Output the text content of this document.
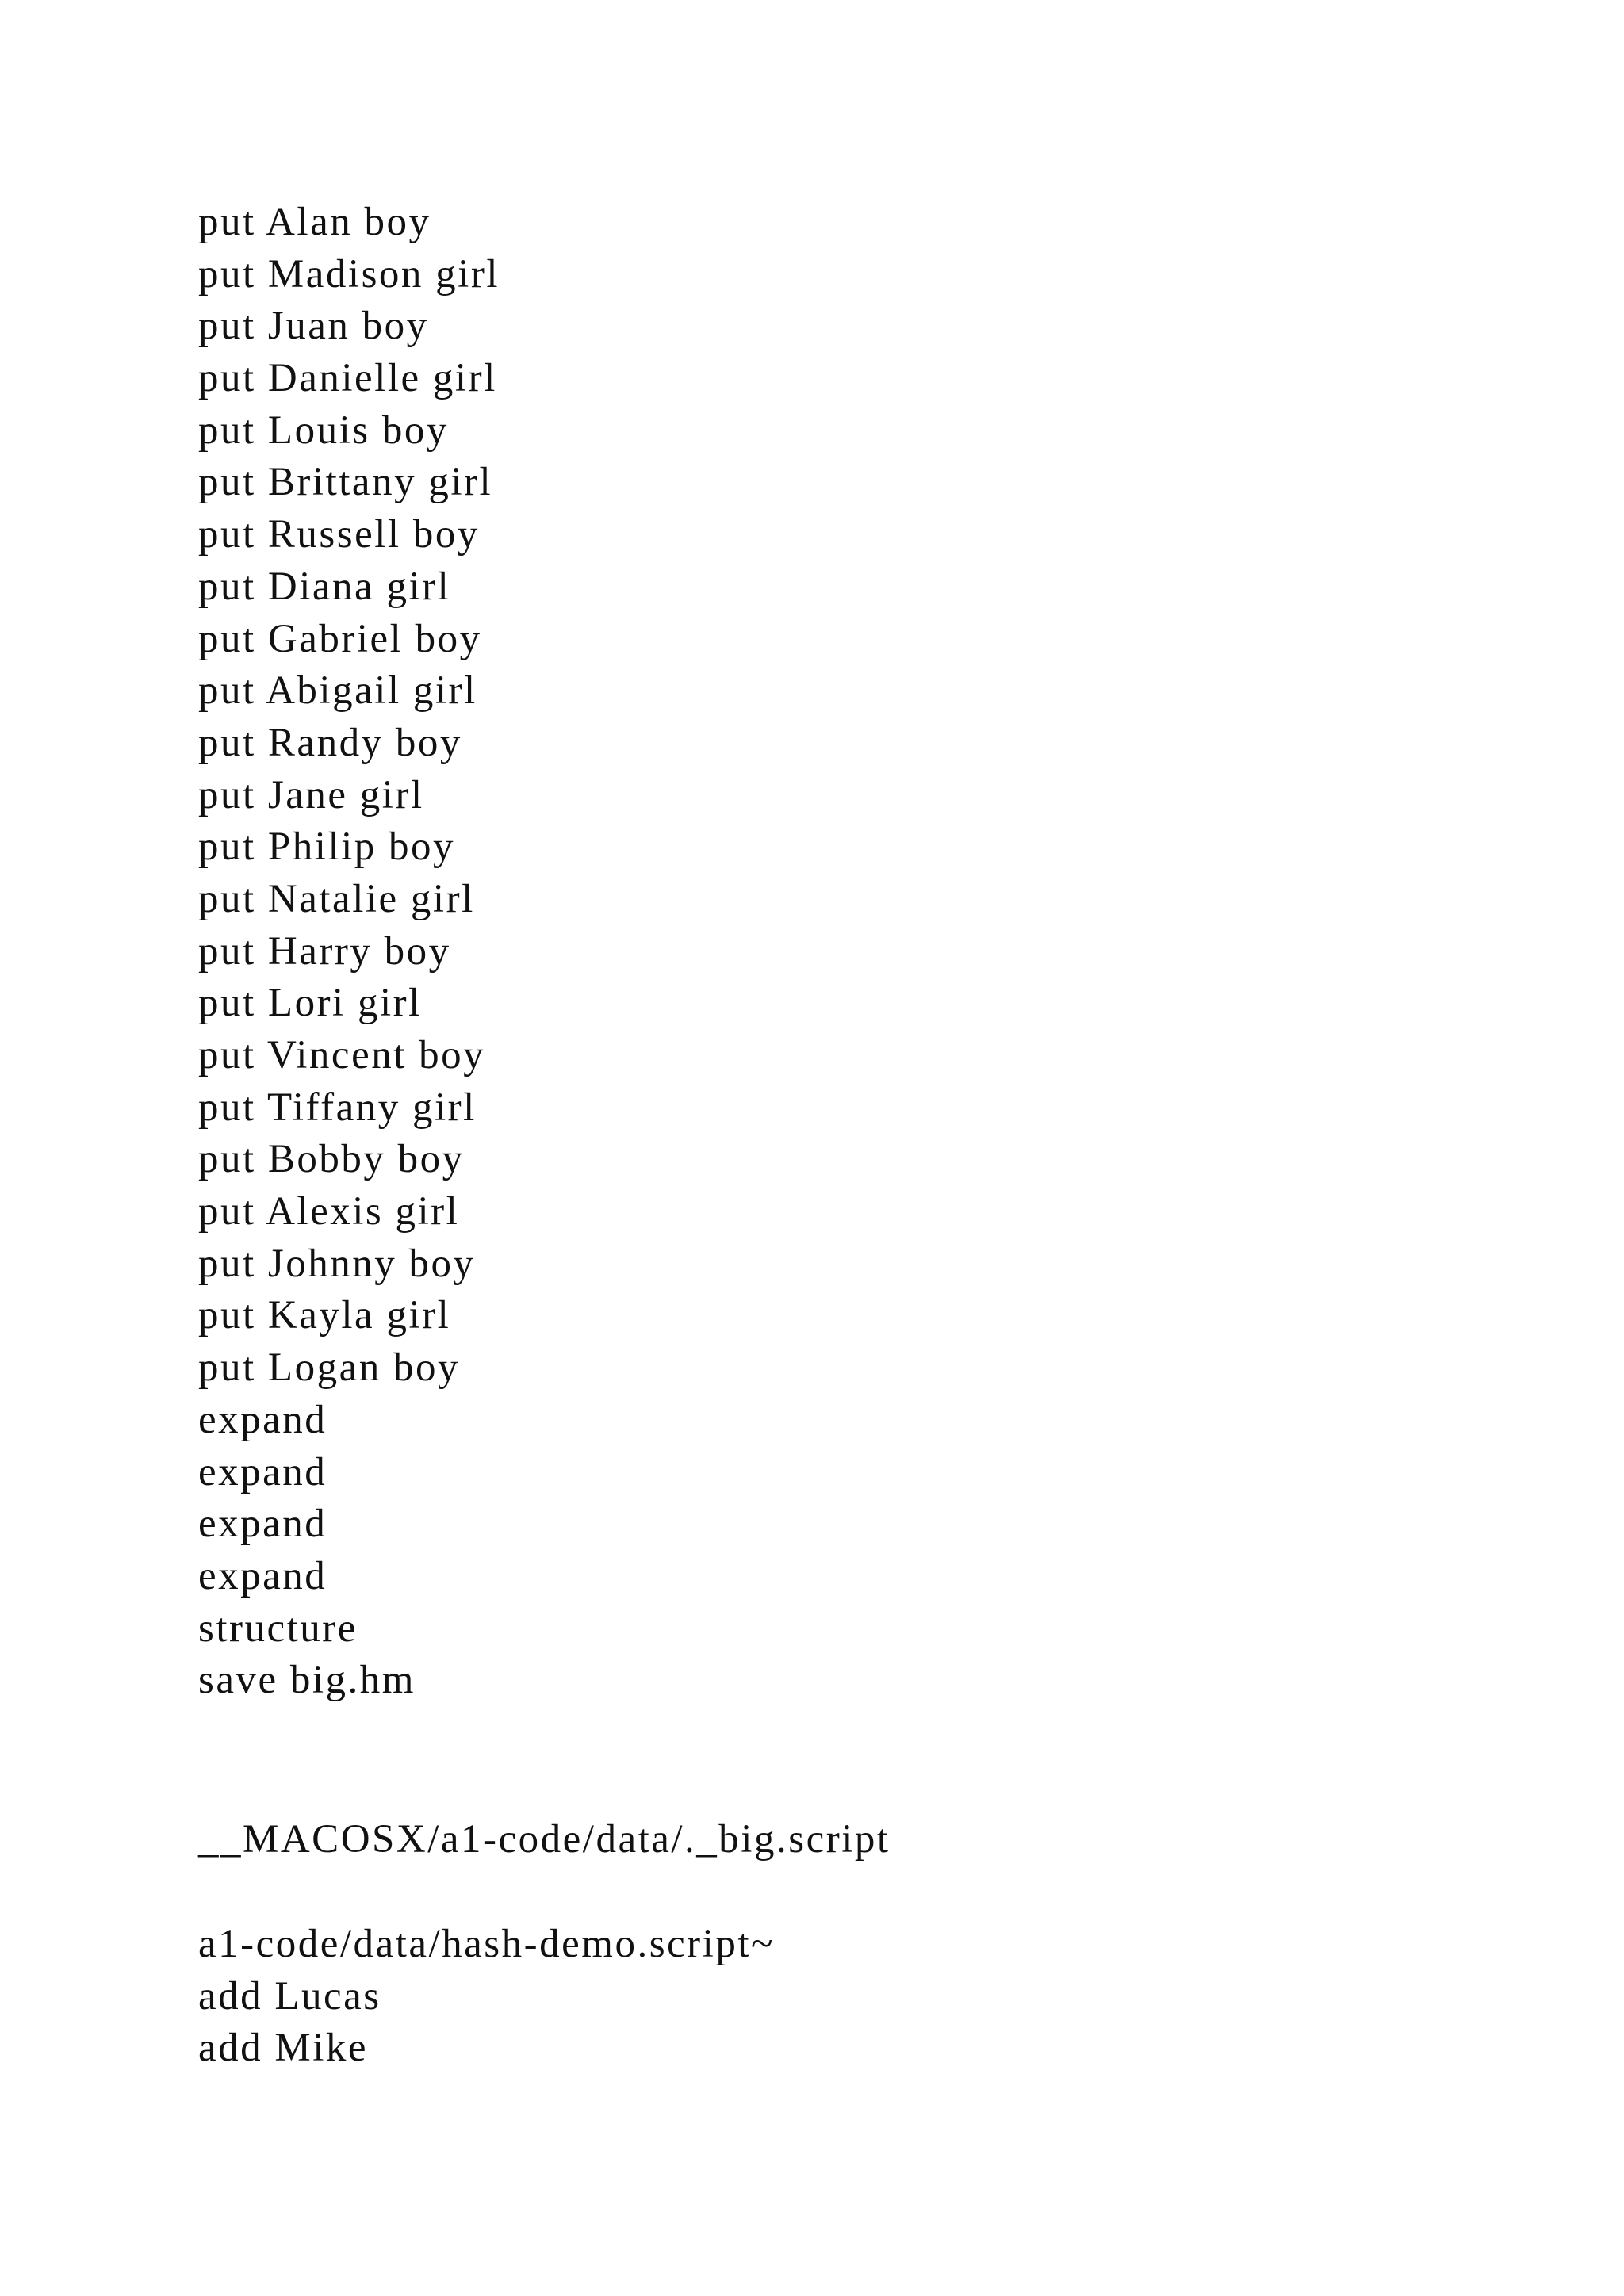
put Alan boy
put Madison girl
put Juan boy
put Danielle girl
put Louis boy
put Brittany girl
put Russell boy
put Diana girl
put Gabriel boy
put Abigail girl
put Randy boy
put Jane girl
put Philip boy
put Natalie girl
put Harry boy
put Lori girl
put Vincent boy
put Tiffany girl
put Bobby boy
put Alexis girl
put Johnny boy
put Kayla girl
put Logan boy
expand
expand
expand
expand
structure
save big.hm
__MACOSX/a1-code/data/._big.script
a1-code/data/hash-demo.script~
add Lucas
add Mike
